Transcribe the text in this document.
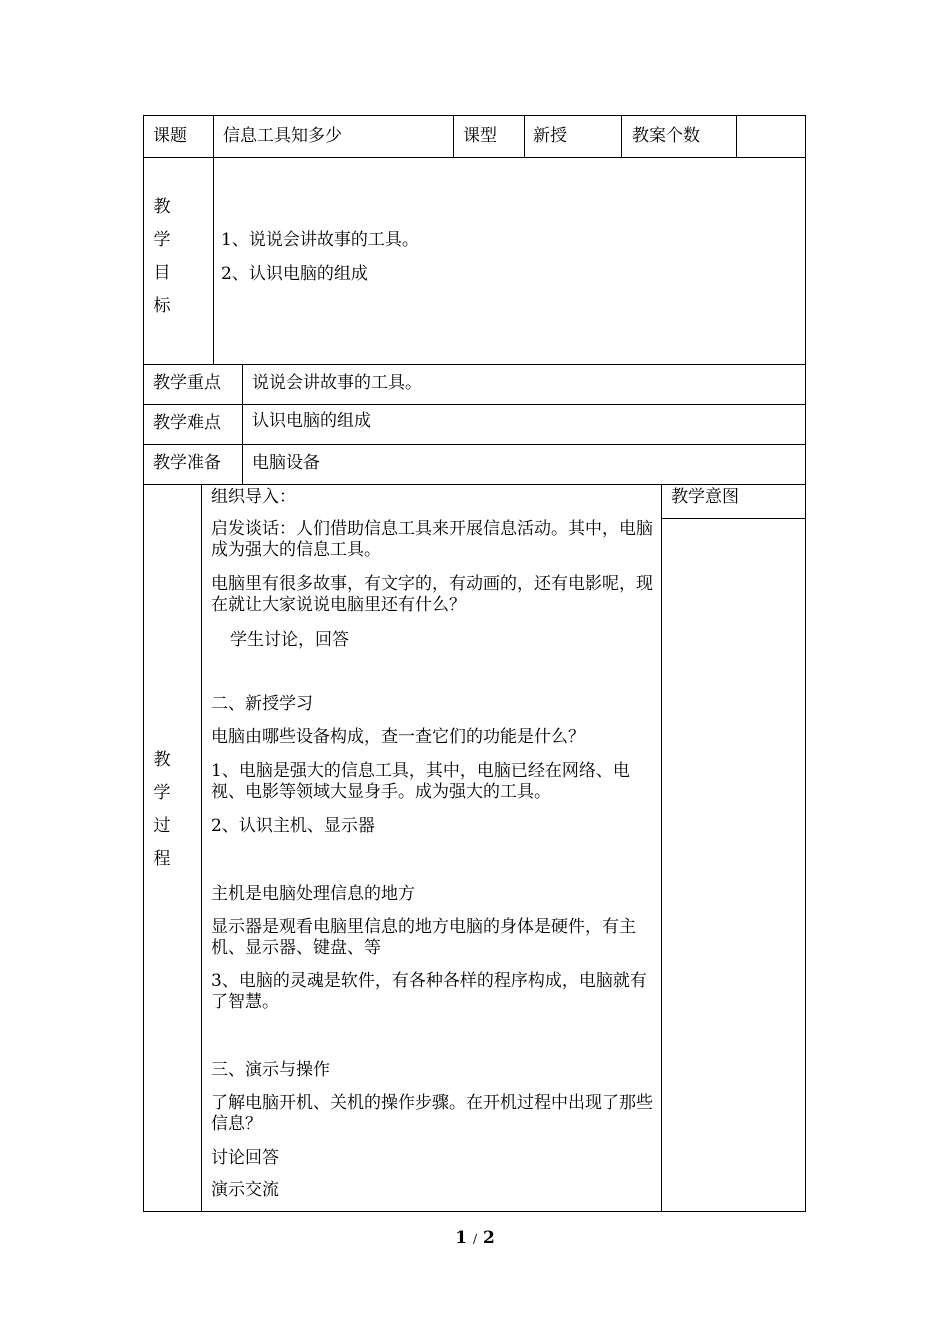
课题 信息工具知多少	课型 新授	教案个数
教
学
目
标
1、说说会讲故事的工具。
2、认识电脑的组成
教学重点 说说会讲故事的工具。
教学难点 认识电脑的组成
教学准备 电脑设备
教
学
过
程
教学意图
组织导入：
启发谈话：人们借助信息工具来开展信息活动。其中，电脑成为强大的信息工具。
电脑里有很多故事，有文字的，有动画的，还有电影呢，现在就让大家说说电脑里还有什么？
学生讨论，回答
二、新授学习
电脑由哪些设备构成，查一查它们的功能是什么？
1、电脑是强大的信息工具，其中，电脑已经在网络、电视、电影等领域大显身手。成为强大的工具。
2、认识主机、显示器
主机是电脑处理信息的地方
显示器是观看电脑里信息的地方电脑的身体是硬件，有主机、显示器、键盘、等
3、电脑的灵魂是软件，有各种各样的程序构成，电脑就有了智慧。
三、演示与操作
了解电脑开机、关机的操作步骤。在开机过程中出现了那些信息？
讨论回答
演示交流
1 / 2
